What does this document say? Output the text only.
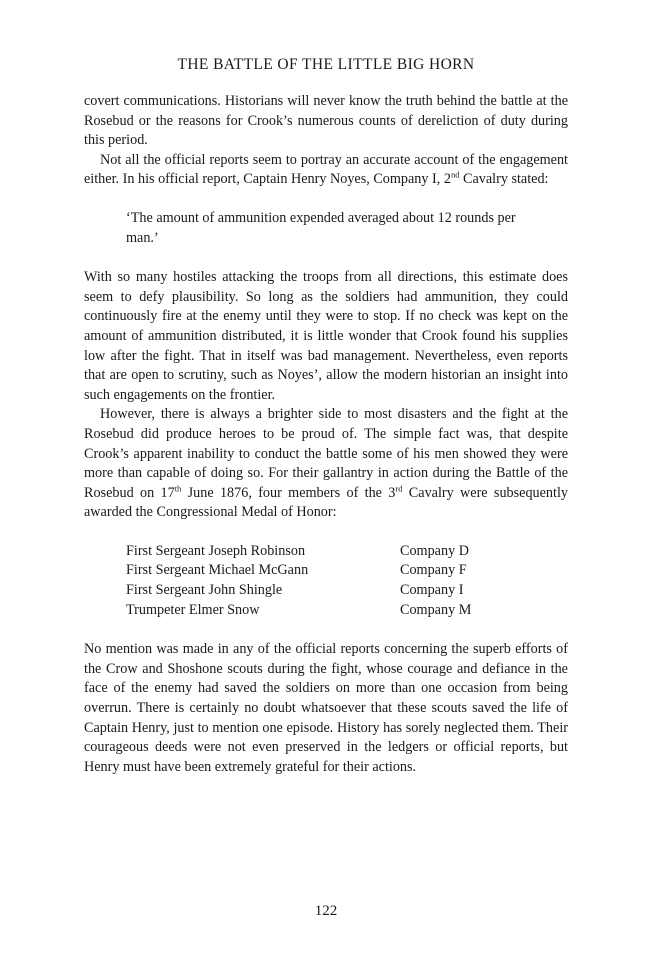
THE BATTLE OF THE LITTLE BIG HORN

covert communications. Historians will never know the truth behind the battle at the Rosebud or the reasons for Crook’s numerous counts of dereliction of duty during this period.

Not all the official reports seem to portray an accurate account of the engagement either. In his official report, Captain Henry Noyes, Company I, 2nd Cavalry stated:

‘The amount of ammunition expended averaged about 12 rounds per man.’

With so many hostiles attacking the troops from all directions, this estimate does seem to defy plausibility. So long as the soldiers had ammunition, they could continuously fire at the enemy until they were to stop. If no check was kept on the amount of ammunition distributed, it is little wonder that Crook found his supplies low after the fight. That in itself was bad management. Nevertheless, even reports that are open to scrutiny, such as Noyes’, allow the modern historian an insight into such engagements on the frontier.

However, there is always a brighter side to most disasters and the fight at the Rosebud did produce heroes to be proud of. The simple fact was, that despite Crook’s apparent inability to conduct the battle some of his men showed they were more than capable of doing so. For their gallantry in action during the Battle of the Rosebud on 17th June 1876, four members of the 3rd Cavalry were subsequently awarded the Congressional Medal of Honor:

First Sergeant Joseph Robinson	Company D
First Sergeant Michael McGann	Company F
First Sergeant John Shingle	Company I
Trumpeter Elmer Snow	Company M

No mention was made in any of the official reports concerning the superb efforts of the Crow and Shoshone scouts during the fight, whose courage and defiance in the face of the enemy had saved the soldiers on more than one occasion from being overrun. There is certainly no doubt whatsoever that these scouts saved the life of Captain Henry, just to mention one episode. History has sorely neglected them. Their courageous deeds were not even preserved in the ledgers or official reports, but Henry must have been extremely grateful for their actions.

122
